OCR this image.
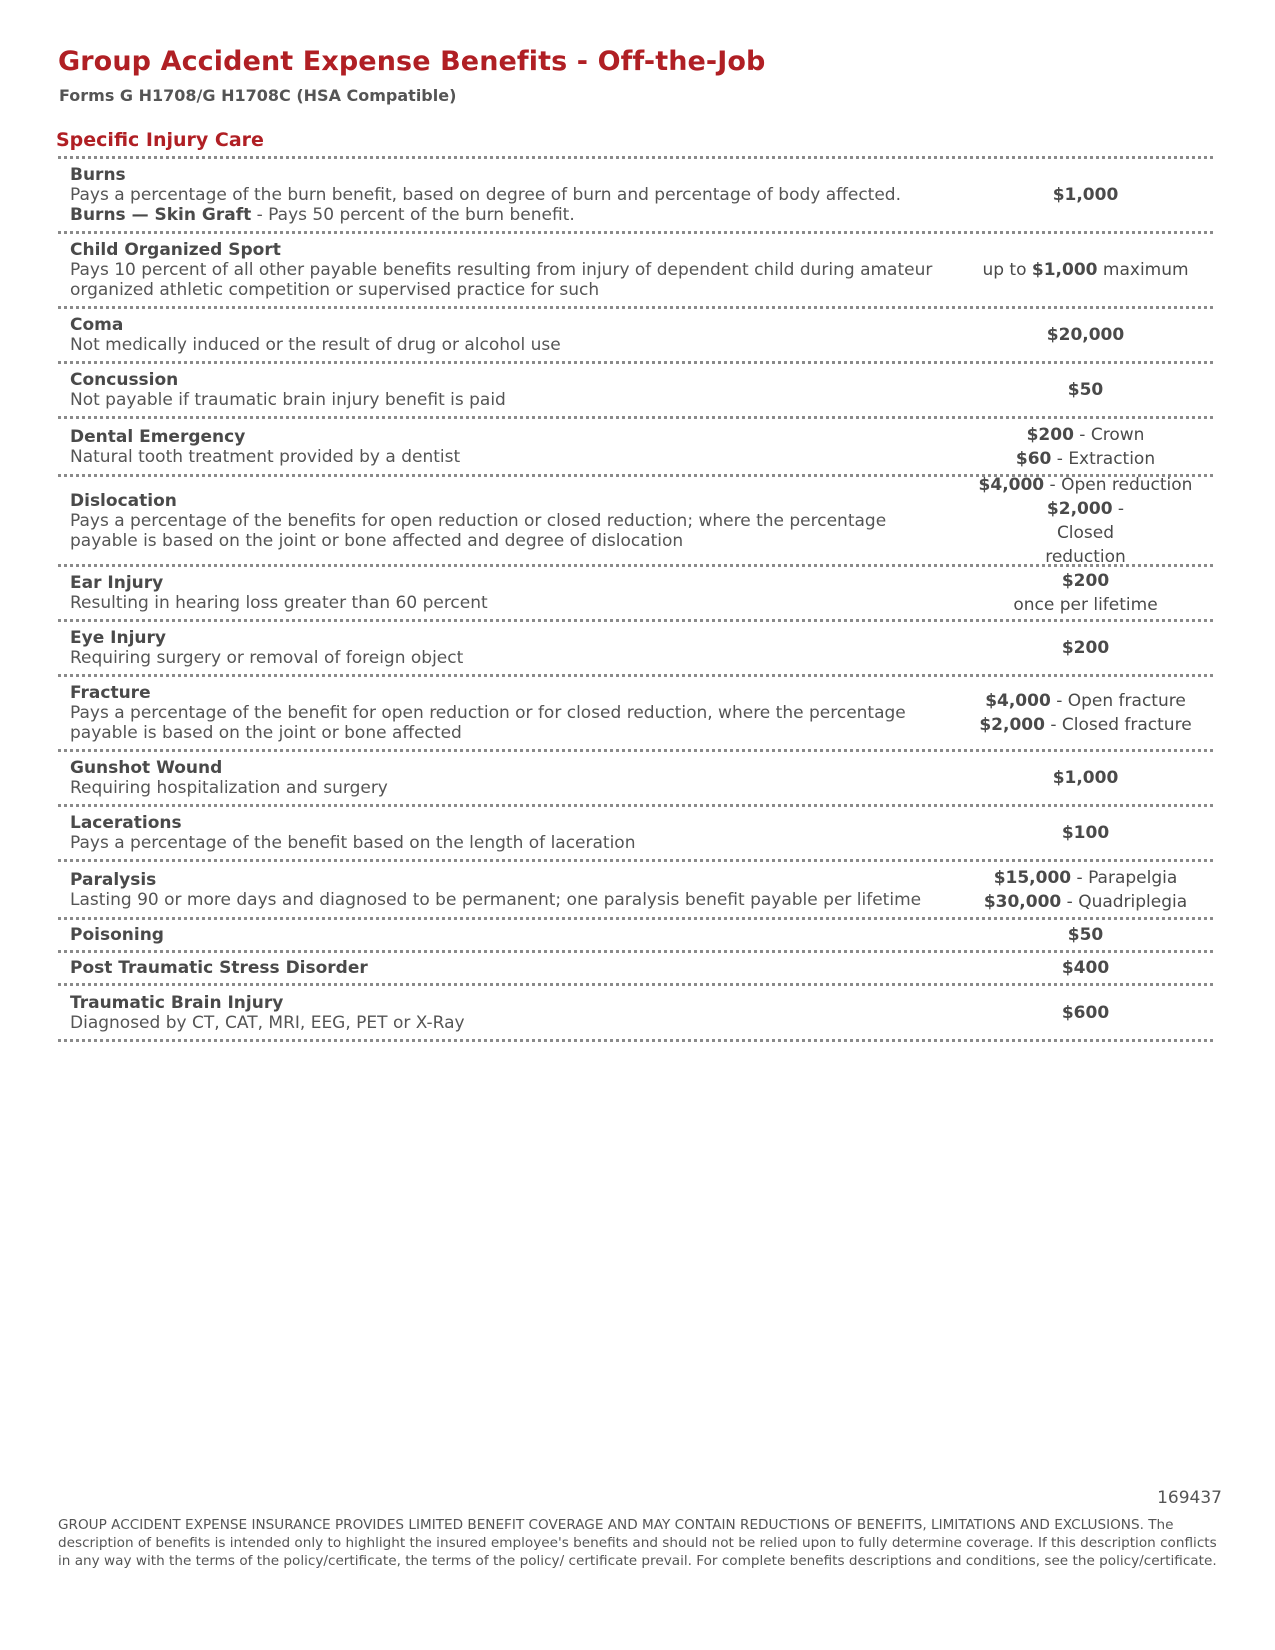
Group Accident Expense Benefits - Off-the-Job
Forms G H1708/G H1708C (HSA Compatible)
Specific Injury Care
Burns
Pays a percentage of the burn benefit, based on degree of burn and percentage of body affected.
Burns — Skin Graft - Pays 50 percent of the burn benefit.
$1,000
Child Organized Sport
Pays 10 percent of all other payable benefits resulting from injury of dependent child during amateur organized athletic competition or supervised practice for such
up to $1,000 maximum
Coma
Not medically induced or the result of drug or alcohol use	$20,000
Concussion
Not payable if traumatic brain injury benefit is paid	$50
Dental Emergency
Natural tooth treatment provided by a dentist
$200 - Crown
$60 - Extraction
Dislocation
Pays a percentage of the benefits for open reduction or closed reduction; where the percentage payable is based on the joint or bone affected and degree of dislocation
$4,000 - Open reduction
$2,000 - Closed reduction
Ear Injury
Resulting in hearing loss greater than 60 percent
$200
once per lifetime
Eye Injury
Requiring surgery or removal of foreign object	$200
Fracture
Pays a percentage of the benefit for open reduction or for closed reduction, where the percentage payable is based on the joint or bone affected
$4,000 - Open fracture
$2,000 - Closed fracture
Gunshot Wound
Requiring hospitalization and surgery	$1,000
Lacerations
Pays a percentage of the benefit based on the length of laceration	$100
Paralysis
Lasting 90 or more days and diagnosed to be permanent; one paralysis benefit payable per lifetime
$15,000 - Parapelgia
$30,000 - Quadriplegia
Poisoning	$50
Post Traumatic Stress Disorder	$400
Traumatic Brain Injury
Diagnosed by CT, CAT, MRI, EEG, PET or X-Ray	$600
169437
GROUP ACCIDENT EXPENSE INSURANCE PROVIDES LIMITED BENEFIT COVERAGE AND MAY CONTAIN REDUCTIONS OF BENEFITS, LIMITATIONS AND EXCLUSIONS. The description of benefits is intended only to highlight the insured employee's benefits and should not be relied upon to fully determine coverage. If this description conflicts in any way with the terms of the policy/certificate, the terms of the policy/ certificate prevail. For complete benefits descriptions and conditions, see the policy/certificate.
